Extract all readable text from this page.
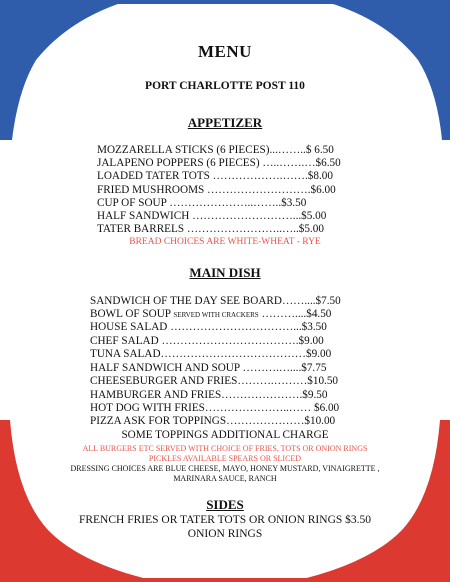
MENU
PORT CHARLOTTE POST 110
APPETIZER
MOZZARELLA STICKS (6 PIECES)...……..$ 6.50
JALAPENO POPPERS (6 PIECES) …..…….…$6.50
LOADED TATER TOTS ……………….…….$8.00
FRIED MUSHROOMS ……………………….$6.00
CUP OF SOUP …………………..……..$3.50
HALF SANDWICH ………………………...$5.00
TATER BARRELS ……………………..…..$5.00
BREAD CHOICES ARE WHITE-WHEAT - RYE
MAIN DISH
SANDWICH OF THE DAY SEE BOARD……....$7.50
BOWL OF SOUP SERVED WITH CRACKERS ………....$4.50
HOUSE SALAD ……………………………...$3.50
CHEF SALAD ……………………………….$9.00
TUNA SALAD…………………………………$9.00
HALF SANDWICH AND SOUP ……….…....$7.75
CHEESEBURGER AND FRIES……….………$10.50
HAMBURGER AND FRIES………………….$9.50
HOT DOG WITH FRIES…………………..…… $6.00
PIZZA ASK FOR TOPPINGS…………………$10.00
SOME TOPPINGS ADDITIONAL CHARGE
ALL BURGERS ETC SERVED WITH CHOICE OF FRIES, TOTS OR ONION RINGS
PICKLES AVAILABLE SPEARS OR SLICED
DRESSING CHOICES ARE BLUE CHEESE, MAYO, HONEY MUSTARD, VINAIGRETTE ,
MARINARA SAUCE, RANCH
SIDES
FRENCH FRIES OR TATER TOTS OR ONION RINGS $3.50
ONION RINGS
